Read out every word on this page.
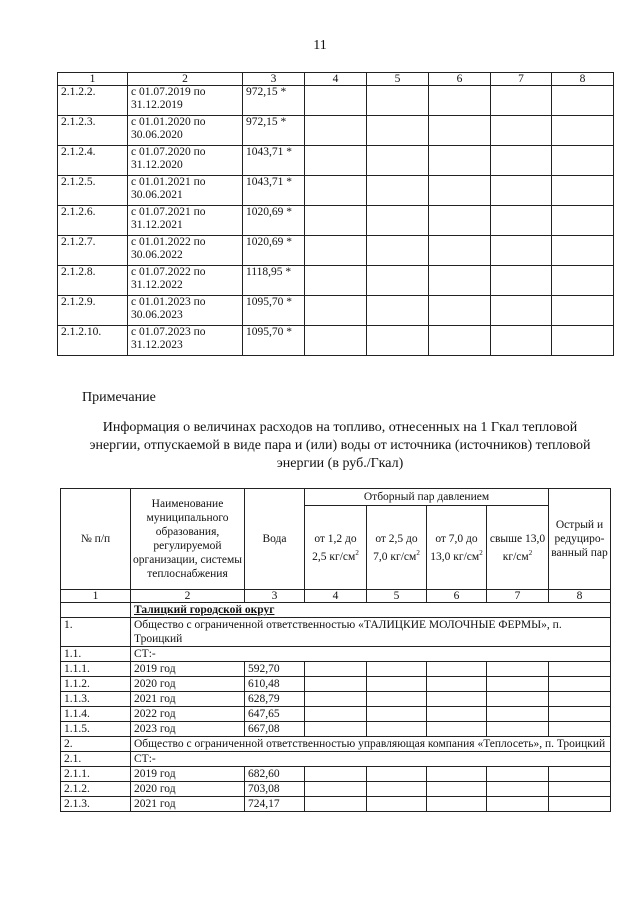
11
1	2	3	4	5	6	7	8
2.1.2.2.	с 01.07.2019 по 31.12.2019	972,15 *					
2.1.2.3.	с 01.01.2020 по 30.06.2020	972,15 *					
2.1.2.4.	с 01.07.2020 по 31.12.2020	1043,71 *					
2.1.2.5.	с 01.01.2021 по 30.06.2021	1043,71 *					
2.1.2.6.	с 01.07.2021 по 31.12.2021	1020,69 *					
2.1.2.7.	с 01.01.2022 по 30.06.2022	1020,69 *					
2.1.2.8.	с 01.07.2022 по 31.12.2022	1118,95 *					
2.1.2.9.	с 01.01.2023 по 30.06.2023	1095,70 *					
2.1.2.10.	с 01.07.2023 по 31.12.2023	1095,70 *					
Примечание
Информация о величинах расходов на топливо, отнесенных на 1 Гкал тепловой энергии, отпускаемой в виде пара и (или) воды от источника (источников) тепловой энергии (в руб./Гкал)
№ п/п	Наименование муниципального образования, регулируемой организации, системы теплоснабжения	Вода	Отборный пар давлением				Острый и редуциро- ванный пар
			от 1,2 до 2,5 $кг/см^2$	от 2,5 до 7,0 $кг/см^2$	от 7,0 до 13,0 $кг/см^2$	свыше 13,0 $кг/см^2$
1	2	3	4	5	6	7	8
	Талицкий городской округ						
1.	Общество с ограниченной ответственностью «ТАЛИЦКИЕ МОЛОЧНЫЕ ФЕРМЫ», п. Троицкий						
1.1.	СТ:-						
1.1.1.	2019 год	592,70					
1.1.2.	2020 год	610,48					
1.1.3.	2021 год	628,79					
1.1.4.	2022 год	647,65					
1.1.5.	2023 год	667,08					
2.	Общество с ограниченной ответственностью управляющая компания «Теплосеть», п. Троицкий						
2.1.	СТ:-						
2.1.1.	2019 год	682,60					
2.1.2.	2020 год	703,08					
2.1.3.	2021 год	724,17					
